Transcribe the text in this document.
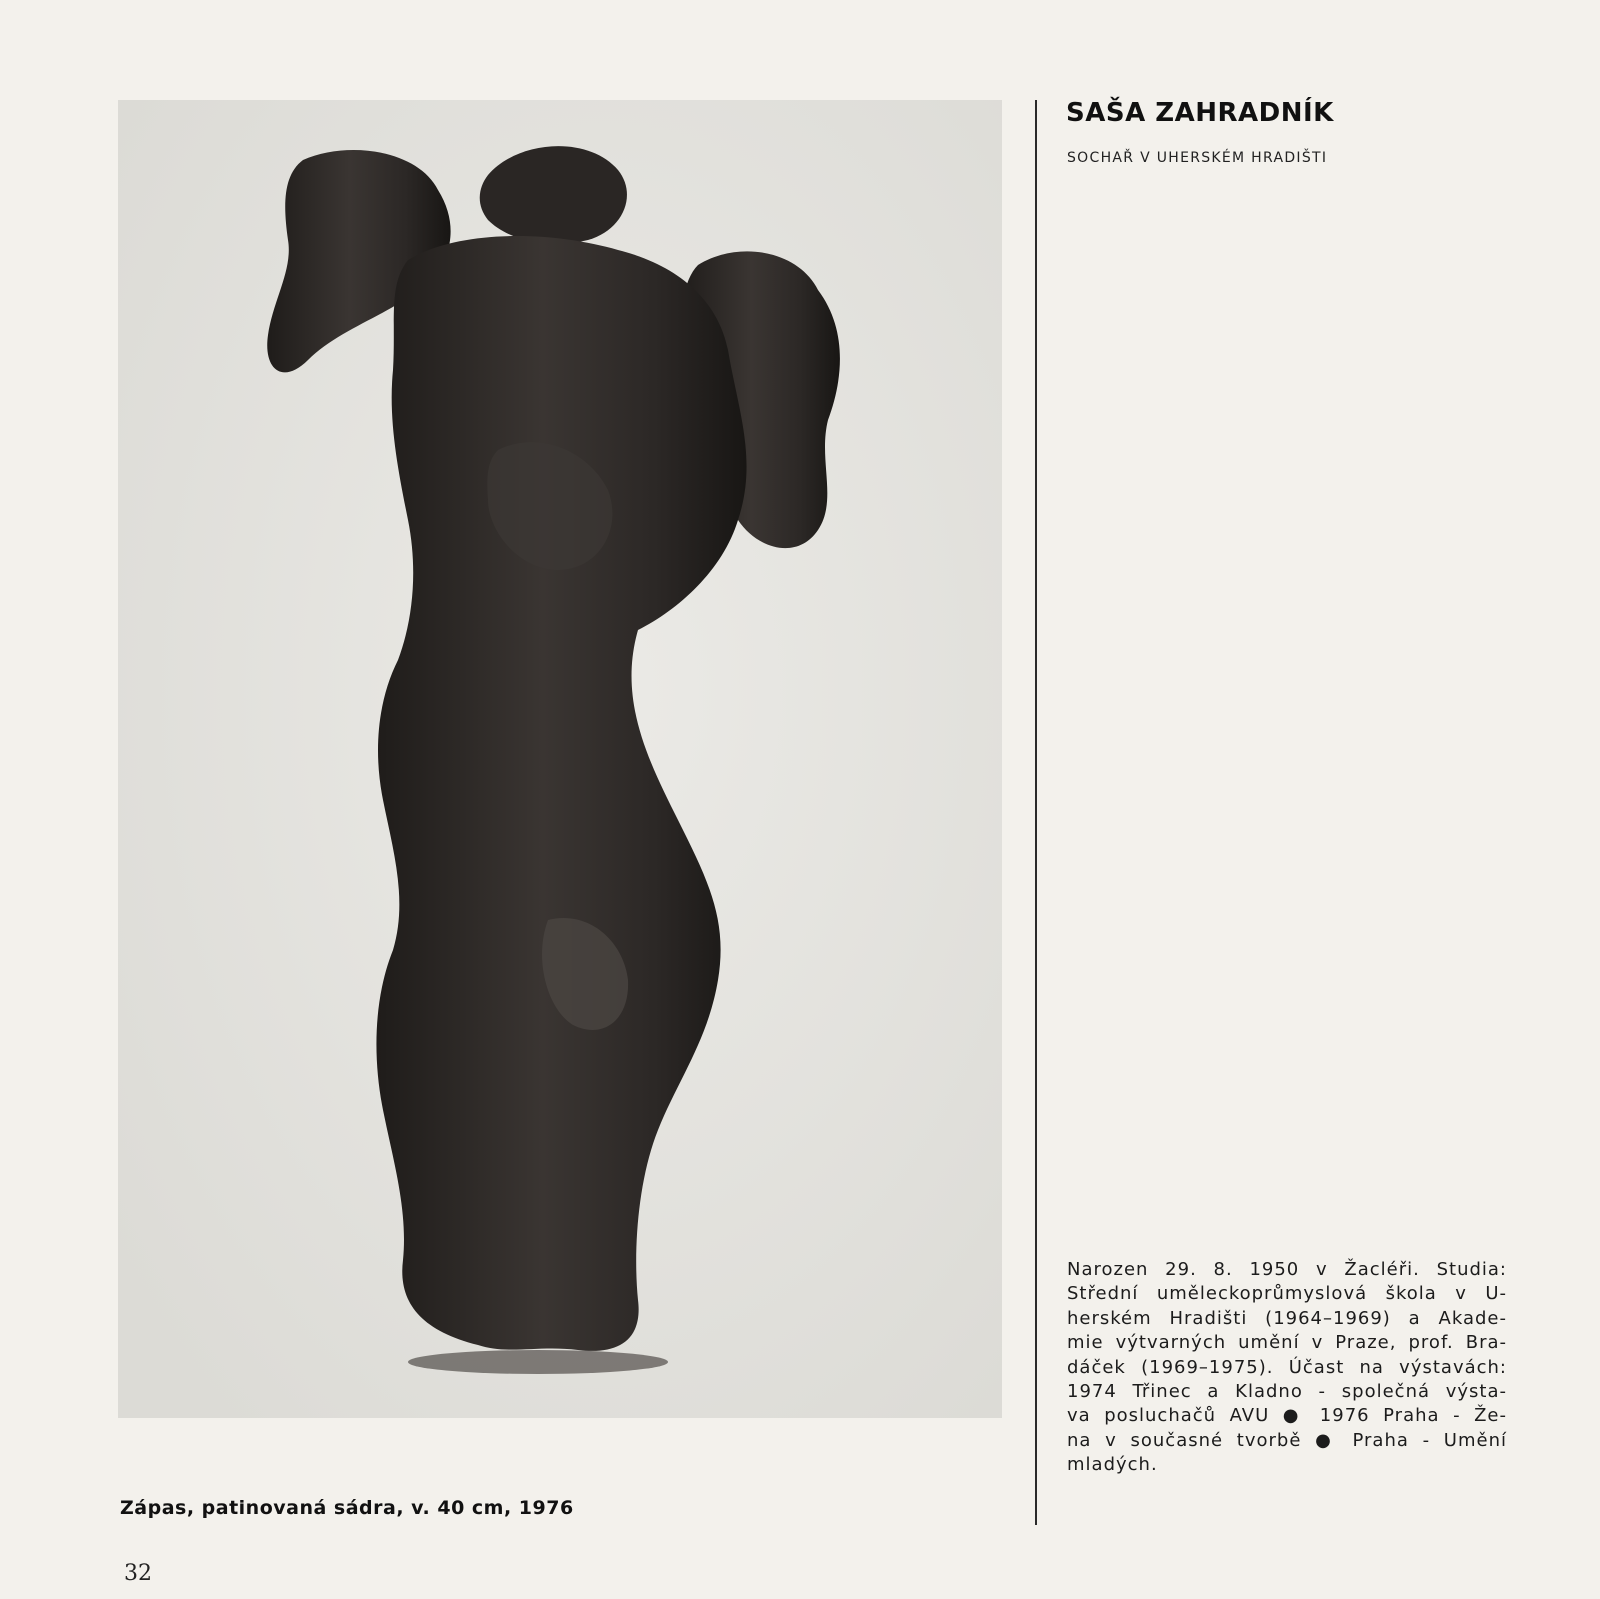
Zápas, patinovaná sádra, v. 40 cm, 1976
32
SAŠA ZAHRADNÍK
SOCHAŘ V UHERSKÉM HRADIŠTI
Narozen 29. 8. 1950 v Žacléři. Studia:
Střední uměleckoprůmyslová škola v U-
herském Hradišti (1964–1969) a Akade-
mie výtvarných umění v Praze, prof. Bra-
dáček (1969–1975). Účast na výstavách:
1974 Třinec a Kladno - společná výsta-
va posluchačů AVU ● 1976 Praha - Že-
na v současné tvorbě ● Praha - Umění
mladých.
